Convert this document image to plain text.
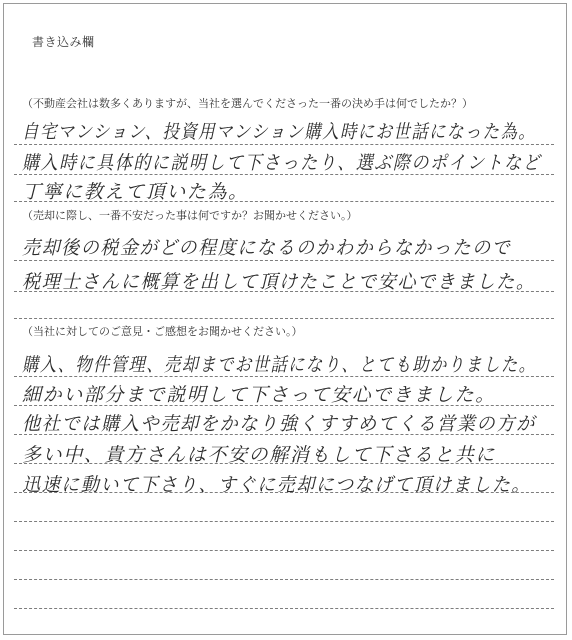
書き込み欄
（不動産会社は数多くありますが、当社を選んでくださった一番の決め手は何でしたか？）
自宅マンション、投資用マンション購入時にお世話になった為。
購入時に具体的に説明して下さったり、選ぶ際のポイントなど
丁寧に教えて頂いた為。
（売却に際し、一番不安だった事は何ですか？お聞かせください。）
売却後の税金がどの程度になるのかわからなかったので
税理士さんに概算を出して頂けたことで安心できました。
（当社に対してのご意見・ご感想をお聞かせください。）
購入、物件管理、売却までお世話になり、とても助かりました。
細かい部分まで説明して下さって安心できました。
他社では購入や売却をかなり強くすすめてくる営業の方が
多い中、貴方さんは不安の解消もして下さると共に
迅速に動いて下さり、すぐに売却につなげて頂けました。
